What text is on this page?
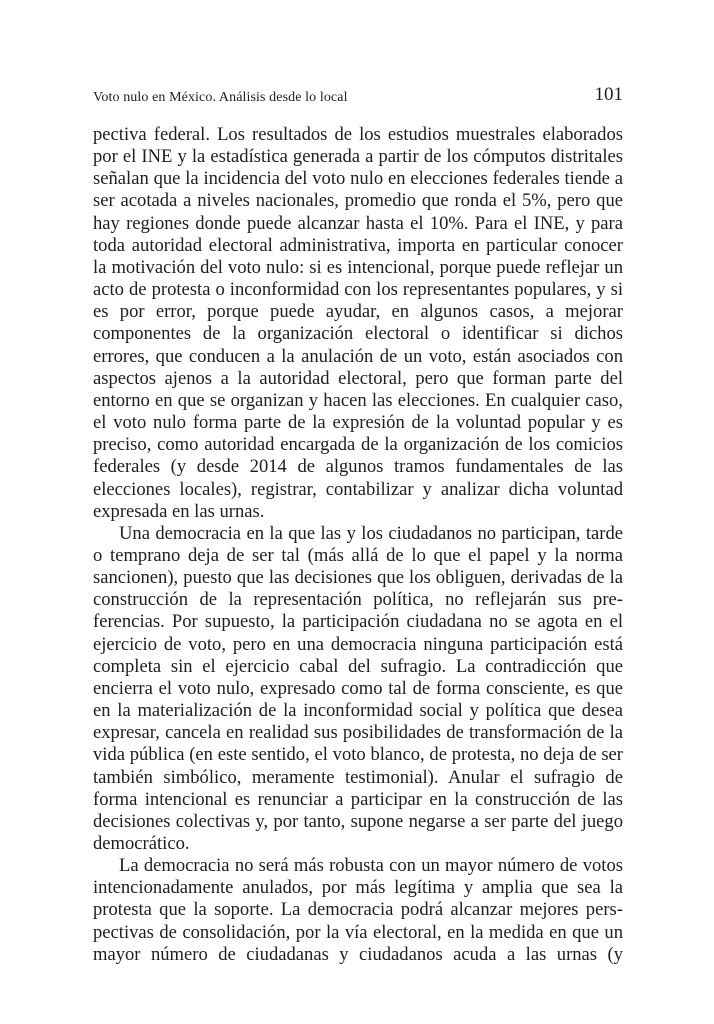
Voto nulo en México. Análisis desde lo local	101

pectiva federal. Los resultados de los estudios muestrales elaborados por el INE y la estadística generada a partir de los cómputos distritales señalan que la incidencia del voto nulo en elecciones federales tiende a ser acotada a niveles nacionales, promedio que ronda el 5%, pero que hay regiones donde puede alcanzar hasta el 10%. Para el INE, y para toda autoridad electoral administrativa, importa en particular conocer la motivación del voto nulo: si es intencional, porque puede reflejar un acto de protesta o inconformidad con los representantes populares, y si es por error, porque puede ayudar, en algunos casos, a mejorar componentes de la organización electoral o identificar si dichos errores, que conducen a la anulación de un voto, están asociados con aspectos ajenos a la autoridad electoral, pero que forman parte del entorno en que se organizan y hacen las elecciones. En cualquier caso, el voto nulo forma parte de la expresión de la voluntad popular y es preciso, como autoridad encargada de la organización de los comicios federales (y desde 2014 de algunos tramos fundamentales de las elecciones locales), registrar, contabilizar y analizar dicha voluntad expresada en las urnas.

Una democracia en la que las y los ciudadanos no participan, tarde o temprano deja de ser tal (más allá de lo que el papel y la norma sancionen), puesto que las decisiones que los obliguen, derivadas de la construcción de la representación política, no reflejarán sus preferencias. Por supuesto, la participación ciudadana no se agota en el ejercicio de voto, pero en una democracia ninguna participación está completa sin el ejercicio cabal del sufragio. La contradicción que encierra el voto nulo, expresado como tal de forma consciente, es que en la materialización de la inconformidad social y política que desea expresar, cancela en realidad sus posibilidades de transformación de la vida pública (en este sentido, el voto blanco, de protesta, no deja de ser también simbólico, meramente testimonial). Anular el sufragio de forma intencional es renunciar a participar en la construcción de las decisiones colectivas y, por tanto, supone negarse a ser parte del juego democrático.

La democracia no será más robusta con un mayor número de votos intencionadamente anulados, por más legítima y amplia que sea la protesta que la soporte. La democracia podrá alcanzar mejores perspectivas de consolidación, por la vía electoral, en la medida en que un mayor número de ciudadanas y ciudadanos acuda a las urnas (y
